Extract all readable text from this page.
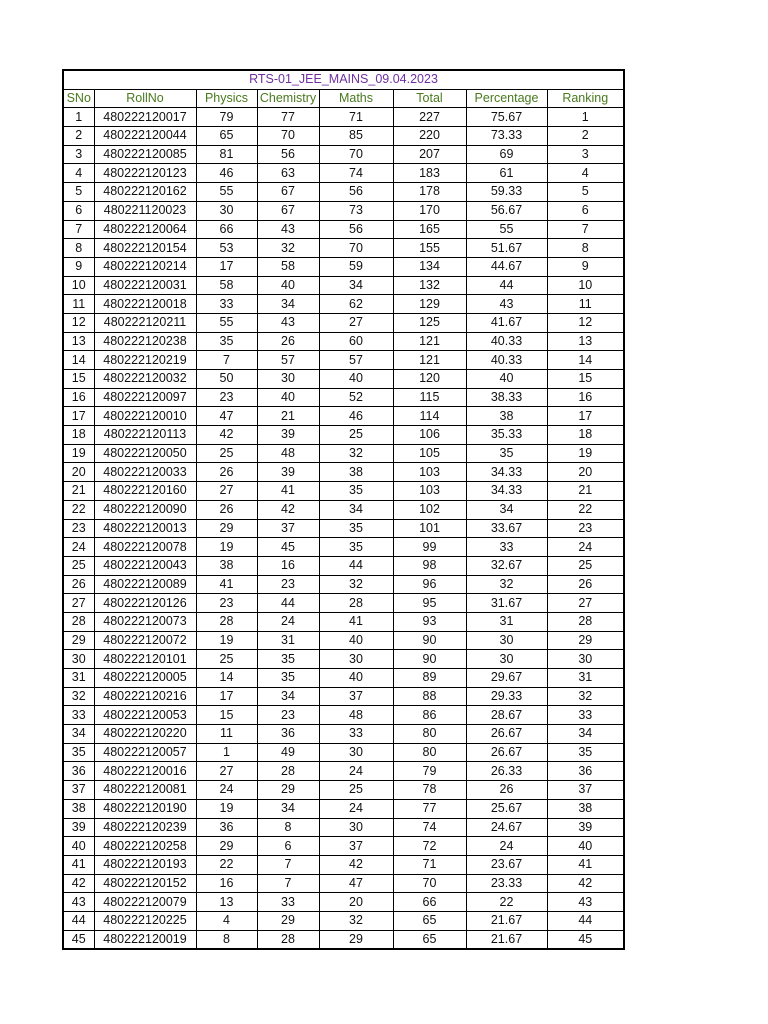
RTS-01_JEE_MAINS_09.04.2023							
SNo	RollNo	Physics	Chemistry	Maths	Total	Percentage	Ranking
1	480222120017	79	77	71	227	75.67	1
2	480222120044	65	70	85	220	73.33	2
3	480222120085	81	56	70	207	69	3
4	480222120123	46	63	74	183	61	4
5	480222120162	55	67	56	178	59.33	5
6	480221120023	30	67	73	170	56.67	6
7	480222120064	66	43	56	165	55	7
8	480222120154	53	32	70	155	51.67	8
9	480222120214	17	58	59	134	44.67	9
10	480222120031	58	40	34	132	44	10
11	480222120018	33	34	62	129	43	11
12	480222120211	55	43	27	125	41.67	12
13	480222120238	35	26	60	121	40.33	13
14	480222120219	7	57	57	121	40.33	14
15	480222120032	50	30	40	120	40	15
16	480222120097	23	40	52	115	38.33	16
17	480222120010	47	21	46	114	38	17
18	480222120113	42	39	25	106	35.33	18
19	480222120050	25	48	32	105	35	19
20	480222120033	26	39	38	103	34.33	20
21	480222120160	27	41	35	103	34.33	21
22	480222120090	26	42	34	102	34	22
23	480222120013	29	37	35	101	33.67	23
24	480222120078	19	45	35	99	33	24
25	480222120043	38	16	44	98	32.67	25
26	480222120089	41	23	32	96	32	26
27	480222120126	23	44	28	95	31.67	27
28	480222120073	28	24	41	93	31	28
29	480222120072	19	31	40	90	30	29
30	480222120101	25	35	30	90	30	30
31	480222120005	14	35	40	89	29.67	31
32	480222120216	17	34	37	88	29.33	32
33	480222120053	15	23	48	86	28.67	33
34	480222120220	11	36	33	80	26.67	34
35	480222120057	1	49	30	80	26.67	35
36	480222120016	27	28	24	79	26.33	36
37	480222120081	24	29	25	78	26	37
38	480222120190	19	34	24	77	25.67	38
39	480222120239	36	8	30	74	24.67	39
40	480222120258	29	6	37	72	24	40
41	480222120193	22	7	42	71	23.67	41
42	480222120152	16	7	47	70	23.33	42
43	480222120079	13	33	20	66	22	43
44	480222120225	4	29	32	65	21.67	44
45	480222120019	8	28	29	65	21.67	45
